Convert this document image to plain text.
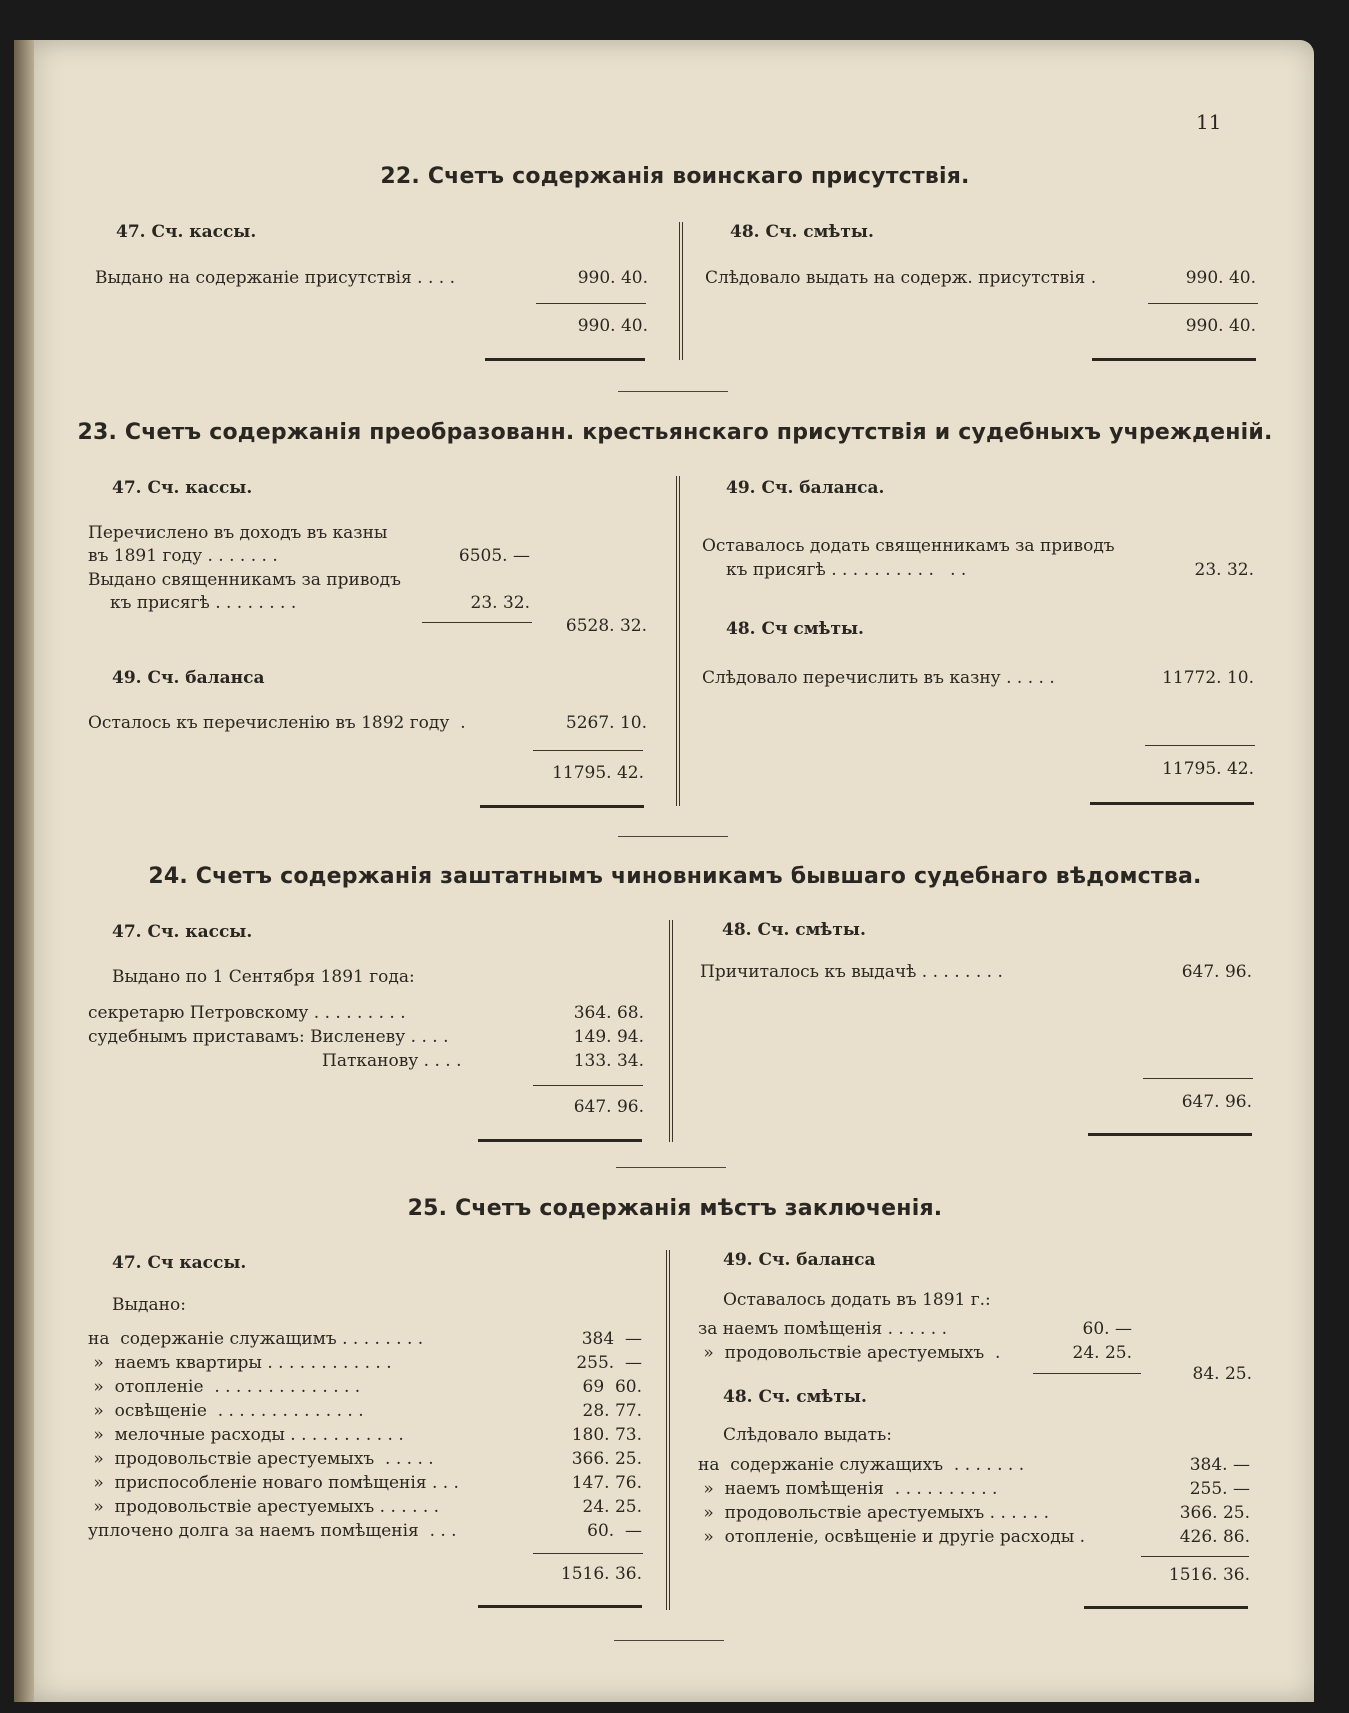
11
22. Счетъ содержанія воинскаго присутствія.
47. Сч. кассы.
Выдано на содержаніе присутствія . . . .	990. 40.
990. 40.
48. Сч. смѣты.
Слѣдовало выдать на содерж. присутствія .	990. 40.
990. 40.
23. Счетъ содержанія преобразованн. крестьянскаго присутствія и судебныхъ учрежденій.
47. Сч. кассы.
Перечислено въ доходъ въ казны
въ 1891 году . . . . . . .	6505. —
Выдано священникамъ за приводъ
къ присягѣ . . . . . . . .	23. 32.
6528. 32.
49. Сч. баланса
Осталось къ перечисленію въ 1892 году  .	5267. 10.
11795. 42.
49. Сч. баланса.
Оставалось додать священникамъ за приводъ
къ присягѣ . . . . . . . . . .   . .	23. 32.
48. Сч смѣты.
Слѣдовало перечислить въ казну . . . . .	11772. 10.
11795. 42.
24. Счетъ содержанія заштатнымъ чиновникамъ бывшаго судебнаго вѣдомства.
47. Сч. кассы.
Выдано по 1 Сентября 1891 года:
секретарю Петровскому . . . . . . . . .	364. 68.
судебнымъ приставамъ: Висленеву . . . .	149. 94.
Патканову . . . .	133. 34.
647. 96.
48. Сч. смѣты.
Причиталось къ выдачѣ . . . . . . . .	647. 96.
647. 96.
25. Счетъ содержанія мѣстъ заключенія.
47. Сч кассы.
Выдано:
на  содержаніе служащимъ . . . . . . . .	384  —
»  наемъ квартиры . . . . . . . . . . . .	255.  —
»  отопленіе  . . . . . . . . . . . . . .	69  60.
»  освѣщеніе  . . . . . . . . . . . . . .	28. 77.
»  мелочные расходы . . . . . . . . . . .	180. 73.
»  продовольствіе арестуемыхъ  . . . . .	366. 25.
»  приспособленіе новаго помѣщенія . . .	147. 76.
»  продовольствіе арестуемыхъ . . . . . .	24. 25.
уплочено долга за наемъ помѣщенія  . . .	60.  —
1516. 36.
49. Сч. баланса
Оставалось додать въ 1891 г.:
за наемъ помѣщенія . . . . . .	60. —
»  продовольствіе арестуемыхъ  .	24. 25.
84. 25.
48. Сч. смѣты.
Слѣдовало выдать:
на  содержаніе служащихъ  . . . . . . .	384. —
»  наемъ помѣщенія  . . . . . . . . . .	255. —
»  продовольствіе арестуемыхъ . . . . . .	366. 25.
»  отопленіе, освѣщеніе и другіе расходы .	426. 86.
1516. 36.
